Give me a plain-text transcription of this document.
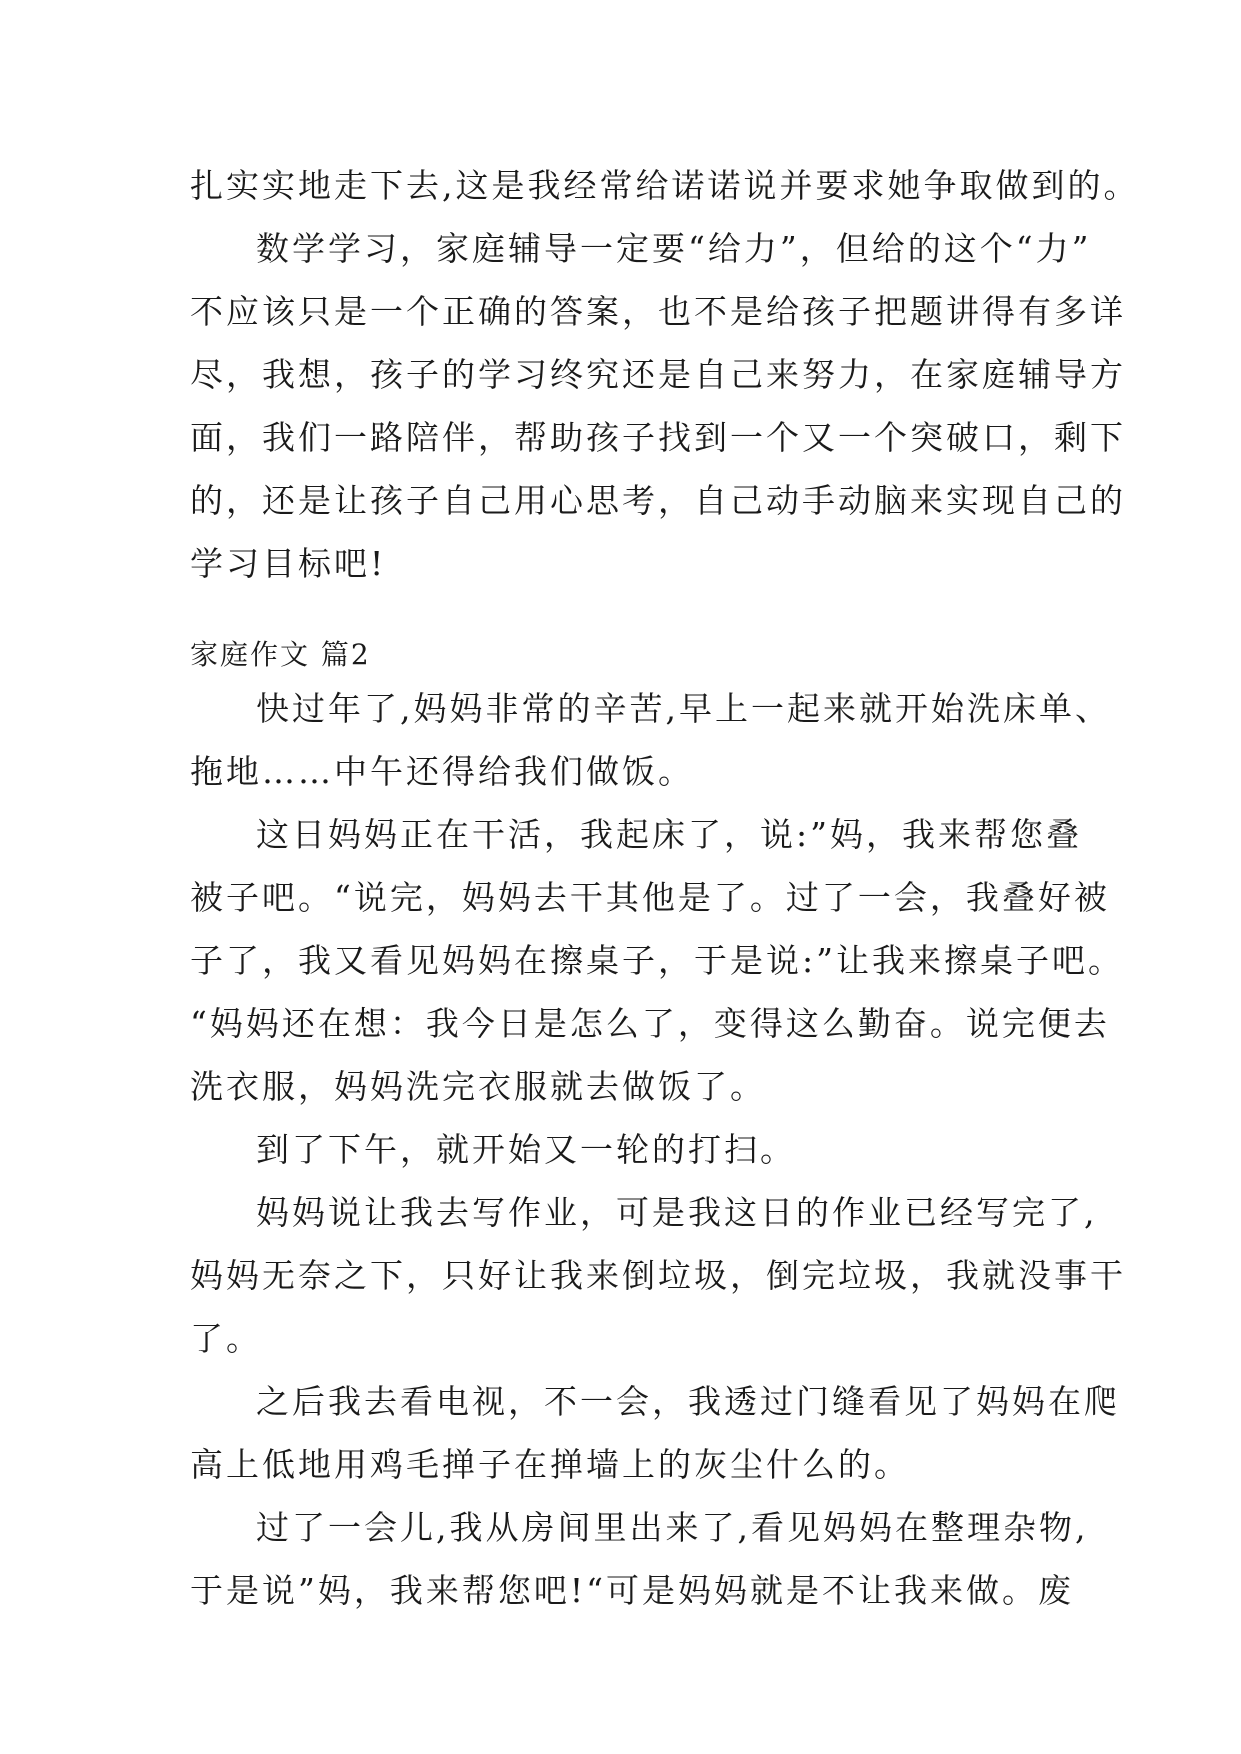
扎实实地走下去,这是我经常给诺诺说并要求她争取做到的。
数学学习，家庭辅导一定要“给力”，但给的这个“力”
不应该只是一个正确的答案，也不是给孩子把题讲得有多详
尽，我想，孩子的学习终究还是自己来努力，在家庭辅导方
面，我们一路陪伴，帮助孩子找到一个又一个突破口，剩下
的，还是让孩子自己用心思考，自己动手动脑来实现自己的
学习目标吧!
家庭作文 篇2
快过年了,妈妈非常的辛苦,早上一起来就开始洗床单、
拖地……中午还得给我们做饭。
这日妈妈正在干活，我起床了，说:”妈，我来帮您叠
被子吧。“说完，妈妈去干其他是了。过了一会，我叠好被
子了，我又看见妈妈在擦桌子，于是说:”让我来擦桌子吧。
“妈妈还在想：我今日是怎么了，变得这么勤奋。说完便去
洗衣服，妈妈洗完衣服就去做饭了。
到了下午，就开始又一轮的打扫。
妈妈说让我去写作业，可是我这日的作业已经写完了,
妈妈无奈之下，只好让我来倒垃圾，倒完垃圾，我就没事干
了。
之后我去看电视，不一会，我透过门缝看见了妈妈在爬
高上低地用鸡毛掸子在掸墙上的灰尘什么的。
过了一会儿,我从房间里出来了,看见妈妈在整理杂物,
于是说”妈，我来帮您吧!“可是妈妈就是不让我来做。废
